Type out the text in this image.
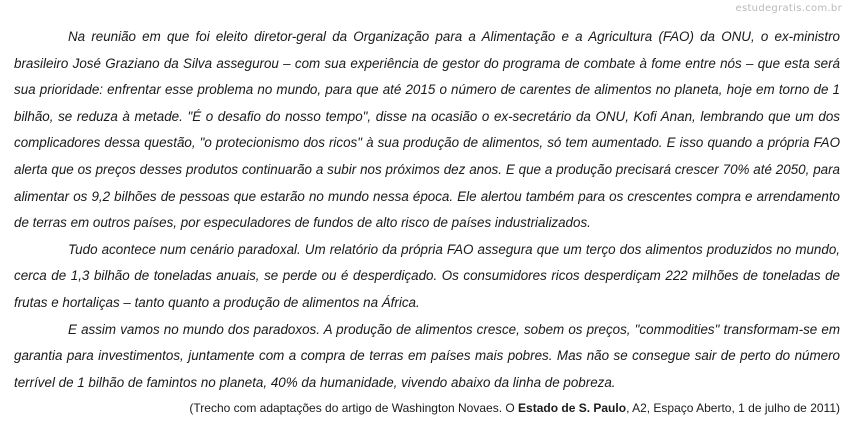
estudegratis.com.br

Na reunião em que foi eleito diretor-geral da Organização para a Alimentação e a Agricultura (FAO) da ONU, o ex-ministro brasileiro José Graziano da Silva assegurou – com sua experiência de gestor do programa de combate à fome entre nós – que esta será sua prioridade: enfrentar esse problema no mundo, para que até 2015 o número de carentes de alimentos no planeta, hoje em torno de 1 bilhão, se reduza à metade. "É o desafio do nosso tempo", disse na ocasião o ex-secretário da ONU, Kofi Anan, lembrando que um dos complicadores dessa questão, "o protecionismo dos ricos" à sua produção de alimentos, só tem aumentado. E isso quando a própria FAO alerta que os preços desses produtos continuarão a subir nos próximos dez anos. E que a produção precisará crescer 70% até 2050, para alimentar os 9,2 bilhões de pessoas que estarão no mundo nessa época. Ele alertou também para os crescentes compra e arrendamento de terras em outros países, por especuladores de fundos de alto risco de países industrializados.

Tudo acontece num cenário paradoxal. Um relatório da própria FAO assegura que um terço dos alimentos produzidos no mundo, cerca de 1,3 bilhão de toneladas anuais, se perde ou é desperdiçado. Os consumidores ricos desperdiçam 222 milhões de toneladas de frutas e hortaliças – tanto quanto a produção de alimentos na África.

E assim vamos no mundo dos paradoxos. A produção de alimentos cresce, sobem os preços, "commodities" transformam-se em garantia para investimentos, juntamente com a compra de terras em países mais pobres. Mas não se consegue sair de perto do número terrível de 1 bilhão de famintos no planeta, 40% da humanidade, vivendo abaixo da linha de pobreza.

(Trecho com adaptações do artigo de Washington Novaes. O Estado de S. Paulo, A2, Espaço Aberto, 1 de julho de 2011)
